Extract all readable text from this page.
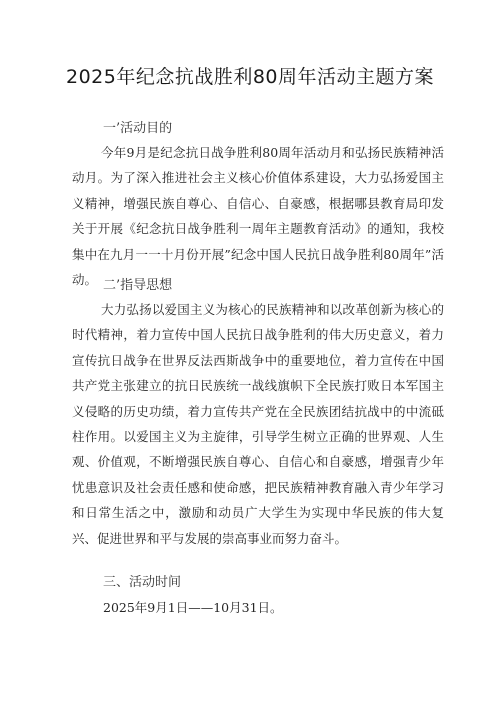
2025年纪念抗战胜利80周年活动主题方案
一’活动目的

今年9月是纪念抗日战争胜利80周年活动月和弘扬民族精神活动月。为了深入推进社会主义核心价值体系建设，大力弘扬爱国主义精神，增强民族自尊心、自信心、自豪感，根据哪县教育局印发关于开展《纪念抗日战争胜利一周年主题教育活动》的通知，我校集中在九月一一十月份开展”纪念中国人民抗日战争胜利80周年”活动。 二’指导思想

大力弘扬以爱国主义为核心的民族精神和以改革创新为核心的时代精神，着力宣传中国人民抗日战争胜利的伟大历史意义，着力宣传抗日战争在世界反法西斯战争中的重要地位，着力宣传在中国共产党主张建立的抗日民族统一战线旗帜下全民族打败日本军国主义侵略的历史功绩，着力宣传共产党在全民族团结抗战中的中流砥柱作用。以爱国主义为主旋律，引导学生树立正确的世界观、人生观、价值观，不断增强民族自尊心、自信心和自豪感，增强青少年忧患意识及社会责任感和使命感，把民族精神教育融入青少年学习和日常生活之中，激励和动员广大学生为实现中华民族的伟大复兴、促进世界和平与发展的崇高事业而努力奋斗。

三、活动时间

2025年9月1日——10月31日。
